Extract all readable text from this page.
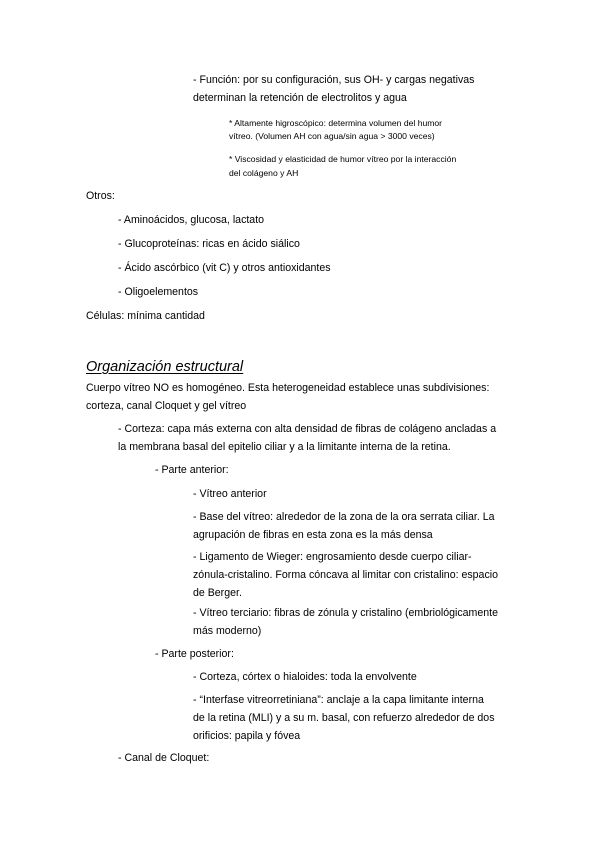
- Función: por su configuración, sus OH- y cargas negativas
determinan la retención de electrolitos y agua
* Altamente higroscópico: determina volumen del humor
vítreo. (Volumen AH con agua/sin agua > 3000 veces)
* Viscosidad y elasticidad de humor vítreo por la interacción
del colágeno y AH
Otros:
- Aminoácidos, glucosa, lactato
- Glucoproteínas: ricas en ácido siálico
- Ácido ascórbico (vit C) y otros antioxidantes
- Oligoelementos
Células: mínima cantidad
Organización estructural
Cuerpo vítreo NO es homogéneo. Esta heterogeneidad establece unas subdivisiones:
corteza, canal Cloquet y gel vítreo
- Corteza: capa más externa con alta densidad de fibras de colágeno ancladas a
la membrana basal del epitelio ciliar y a la limitante interna de la retina.
- Parte anterior:
- Vítreo anterior
- Base del vítreo: alrededor de la zona de la ora serrata ciliar. La
agrupación de fibras en esta zona es la más densa
- Ligamento de Wieger: engrosamiento desde cuerpo ciliar-
zónula-cristalino. Forma cóncava al limitar con cristalino: espacio
de Berger.
- Vítreo terciario: fibras de zónula y cristalino (embriológicamente
más moderno)
- Parte posterior:
- Corteza, córtex o hialoides: toda la envolvente
- “Interfase vitreorretiniana”: anclaje a la capa limitante interna
de la retina (MLI) y a su m. basal, con refuerzo alrededor de dos
orificios: papila y fóvea
- Canal de Cloquet:
